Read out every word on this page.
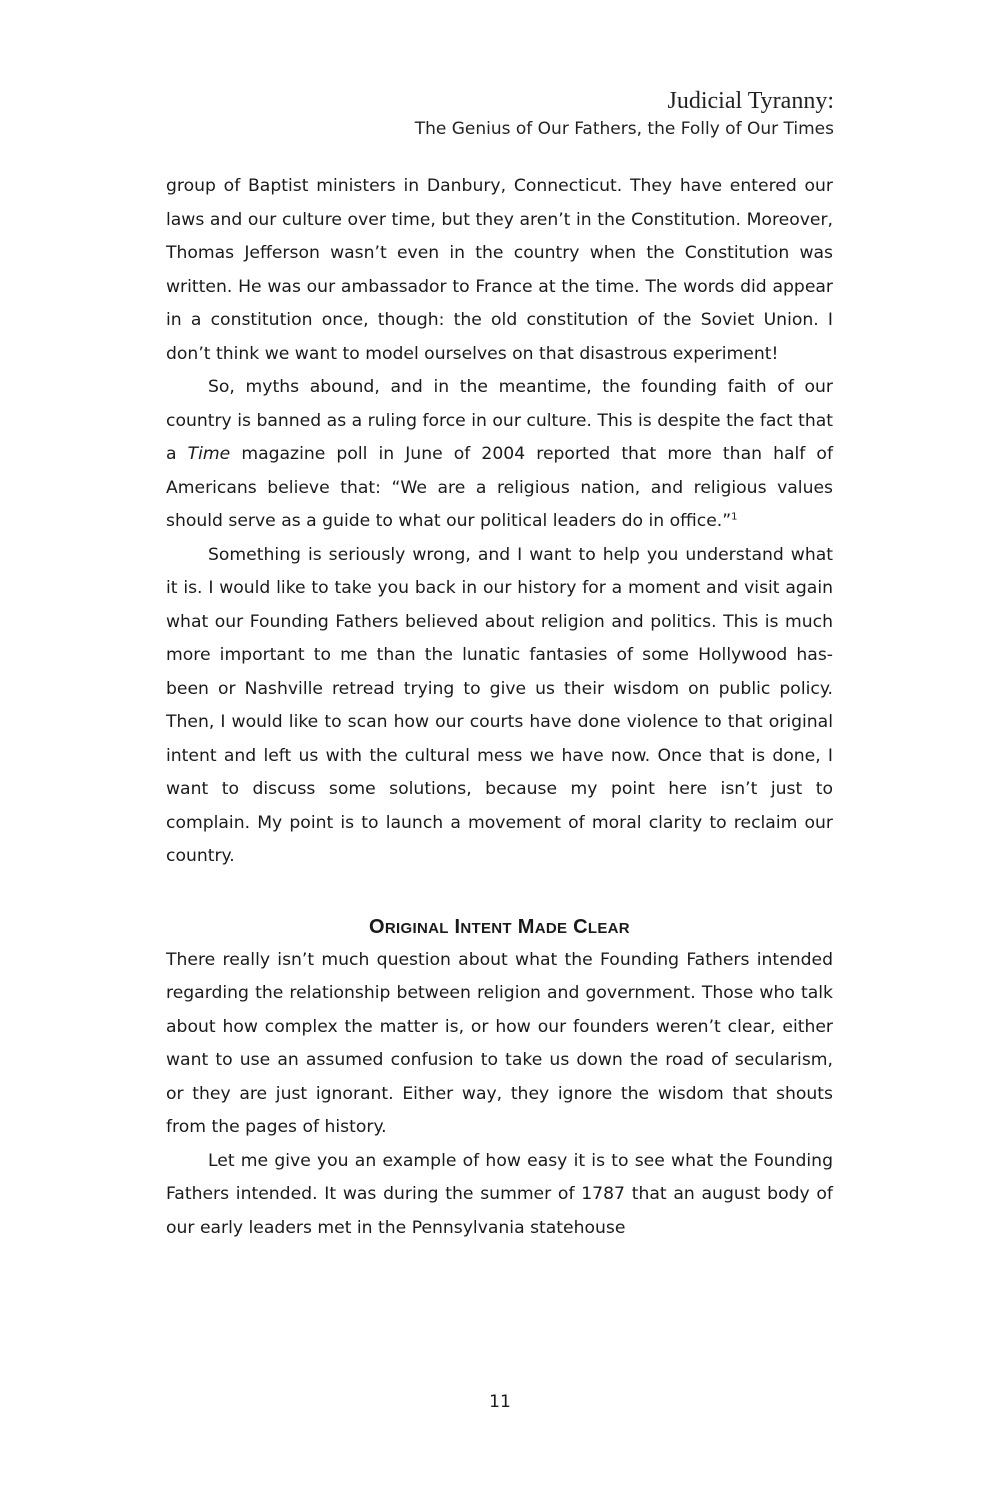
Judicial Tyranny:
The Genius of Our Fathers, the Folly of Our Times

group of Baptist ministers in Danbury, Connecticut. They have entered our laws and our culture over time, but they aren’t in the Constitution. Moreover, Thomas Jefferson wasn’t even in the country when the Constitution was written. He was our ambassador to France at the time. The words did appear in a constitution once, though: the old constitution of the Soviet Union. I don’t think we want to model ourselves on that disastrous experiment!

So, myths abound, and in the meantime, the founding faith of our country is banned as a ruling force in our culture. This is despite the fact that a Time magazine poll in June of 2004 reported that more than half of Americans believe that: “We are a religious nation, and religious values should serve as a guide to what our political leaders do in office.”$^1$

Something is seriously wrong, and I want to help you understand what it is. I would like to take you back in our history for a moment and visit again what our Founding Fathers believed about religion and politics. This is much more important to me than the lunatic fantasies of some Hollywood has-been or Nashville retread trying to give us their wisdom on public policy. Then, I would like to scan how our courts have done violence to that original intent and left us with the cultural mess we have now. Once that is done, I want to discuss some solutions, because my point here isn’t just to complain. My point is to launch a movement of moral clarity to reclaim our country.

ORIGINAL INTENT MADE CLEAR

There really isn’t much question about what the Founding Fathers intended regarding the relationship between religion and government. Those who talk about how complex the matter is, or how our founders weren’t clear, either want to use an assumed confusion to take us down the road of secularism, or they are just ignorant. Either way, they ignore the wisdom that shouts from the pages of history.

Let me give you an example of how easy it is to see what the Founding Fathers intended. It was during the summer of 1787 that an august body of our early leaders met in the Pennsylvania statehouse

11
